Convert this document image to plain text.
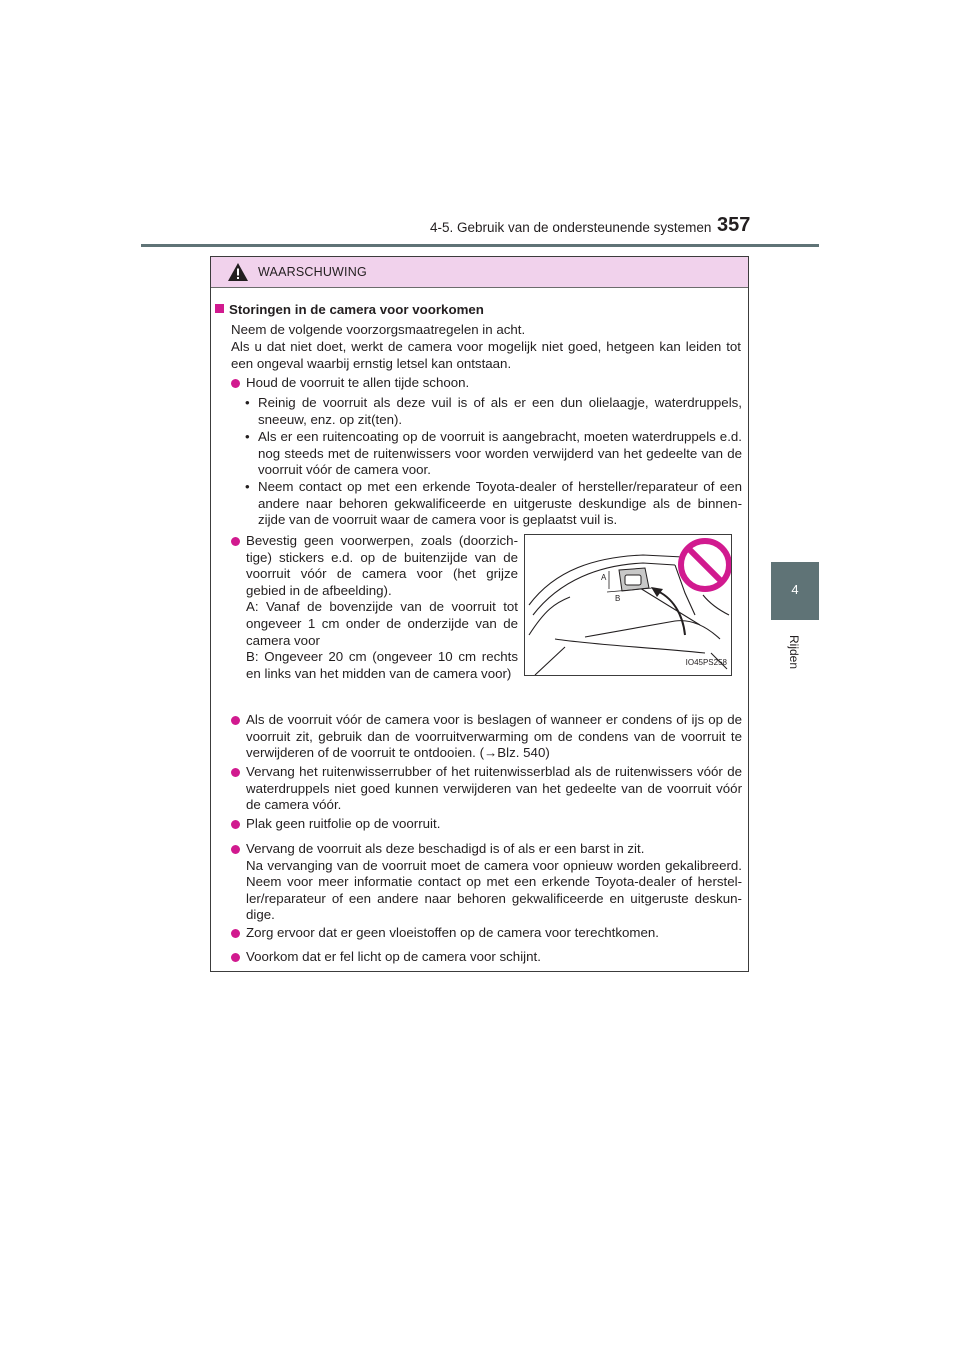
4-5. Gebruik van de ondersteunende systemen 357
4
Rijden
WAARSCHUWING
Storingen in de camera voor voorkomen
Neem de volgende voorzorgsmaatregelen in acht.
Als u dat niet doet, werkt de camera voor mogelijk niet goed, hetgeen kan leiden tot een ongeval waarbij ernstig letsel kan ontstaan.
Houd de voorruit te allen tijde schoon.
• Reinig de voorruit als deze vuil is of als er een dun olielaagje, waterdruppels, sneeuw, enz. op zit(ten).
• Als er een ruitencoating op de voorruit is aangebracht, moeten waterdruppels e.d. nog steeds met de ruitenwissers voor worden verwijderd van het gedeelte van de voorruit vóór de camera voor.
• Neem contact op met een erkende Toyota-dealer of hersteller/reparateur of een andere naar behoren gekwalificeerde en uitgeruste deskundige als de binnen-zijde van de voorruit waar de camera voor is geplaatst vuil is.
Bevestig geen voorwerpen, zoals (doorzich-tige) stickers e.d. op de buitenzijde van de voorruit vóór de camera voor (het grijze gebied in de afbeelding).
A: Vanaf de bovenzijde van de voorruit tot ongeveer 1 cm onder de onderzijde van de camera voor
B: Ongeveer 20 cm (ongeveer 10 cm rechts en links van het midden van de camera voor)
A
B
IO45PS258
Als de voorruit vóór de camera voor is beslagen of wanneer er condens of ijs op de voorruit zit, gebruik dan de voorruitverwarming om de condens van de voorruit te verwijderen of de voorruit te ontdooien. (→Blz. 540)
Vervang het ruitenwisserrubber of het ruitenwisserblad als de ruitenwissers vóór de waterdruppels niet goed kunnen verwijderen van het gedeelte van de voorruit vóór de camera vóór.
Plak geen ruitfolie op de voorruit.
Vervang de voorruit als deze beschadigd is of als er een barst in zit.
Na vervanging van de voorruit moet de camera voor opnieuw worden gekalibreerd. Neem voor meer informatie contact op met een erkende Toyota-dealer of herstel-ler/reparateur of een andere naar behoren gekwalificeerde en uitgeruste deskun-dige.
Zorg ervoor dat er geen vloeistoffen op de camera voor terechtkomen.
Voorkom dat er fel licht op de camera voor schijnt.
